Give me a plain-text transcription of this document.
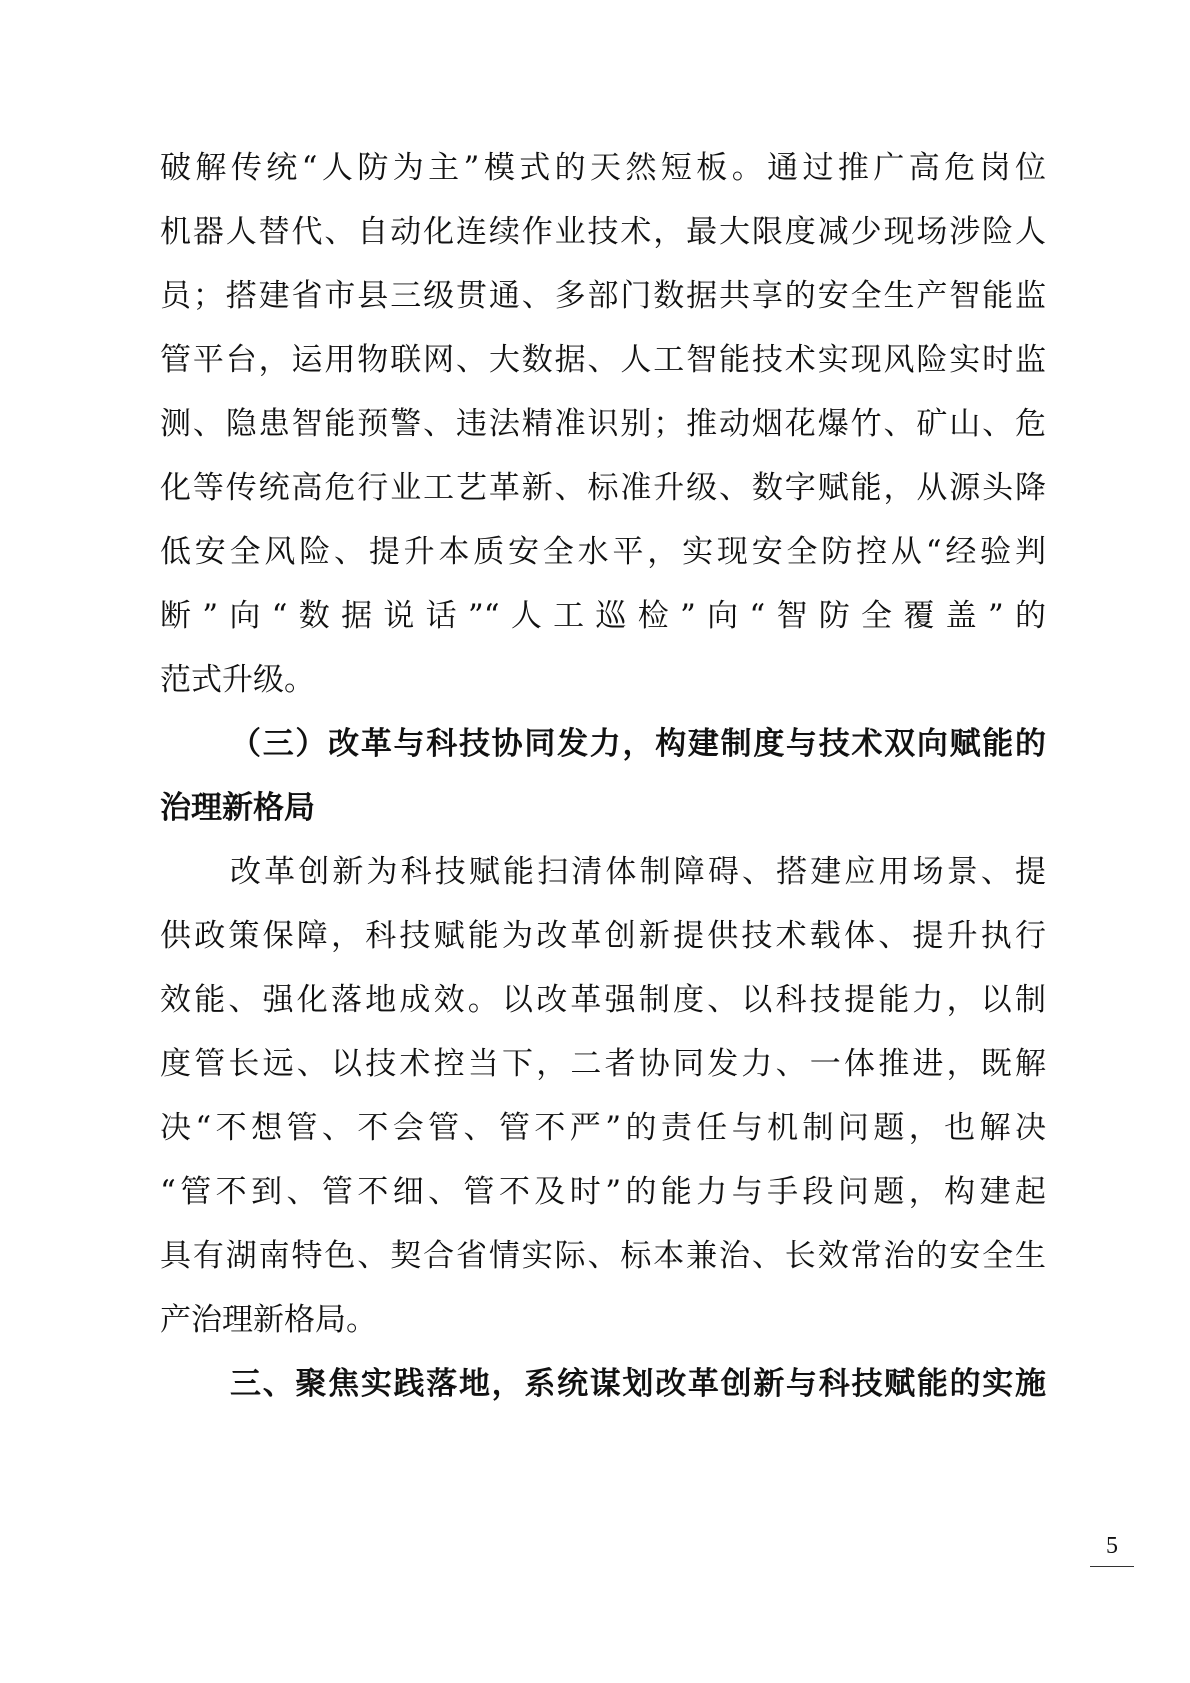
破解传统“人防为主”模式的天然短板。通过推广高危岗位
机器人替代、自动化连续作业技术，最大限度减少现场涉险人
员；搭建省市县三级贯通、多部门数据共享的安全生产智能监
管平台，运用物联网、大数据、人工智能技术实现风险实时监
测、隐患智能预警、违法精准识别；推动烟花爆竹、矿山、危
化等传统高危行业工艺革新、标准升级、数字赋能，从源头降
低安全风险、提升本质安全水平，实现安全防控从“经验判
断”向“数据说话”“人工巡检”向“智防全覆盖”的
范式升级。
（三）改革与科技协同发力，构建制度与技术双向赋能的
治理新格局
改革创新为科技赋能扫清体制障碍、搭建应用场景、提
供政策保障，科技赋能为改革创新提供技术载体、提升执行
效能、强化落地成效。以改革强制度、以科技提能力，以制
度管长远、以技术控当下，二者协同发力、一体推进，既解
决“不想管、不会管、管不严”的责任与机制问题，也解决
“管不到、管不细、管不及时”的能力与手段问题，构建起
具有湖南特色、契合省情实际、标本兼治、长效常治的安全生
产治理新格局。
三、聚焦实践落地，系统谋划改革创新与科技赋能的实施
5
